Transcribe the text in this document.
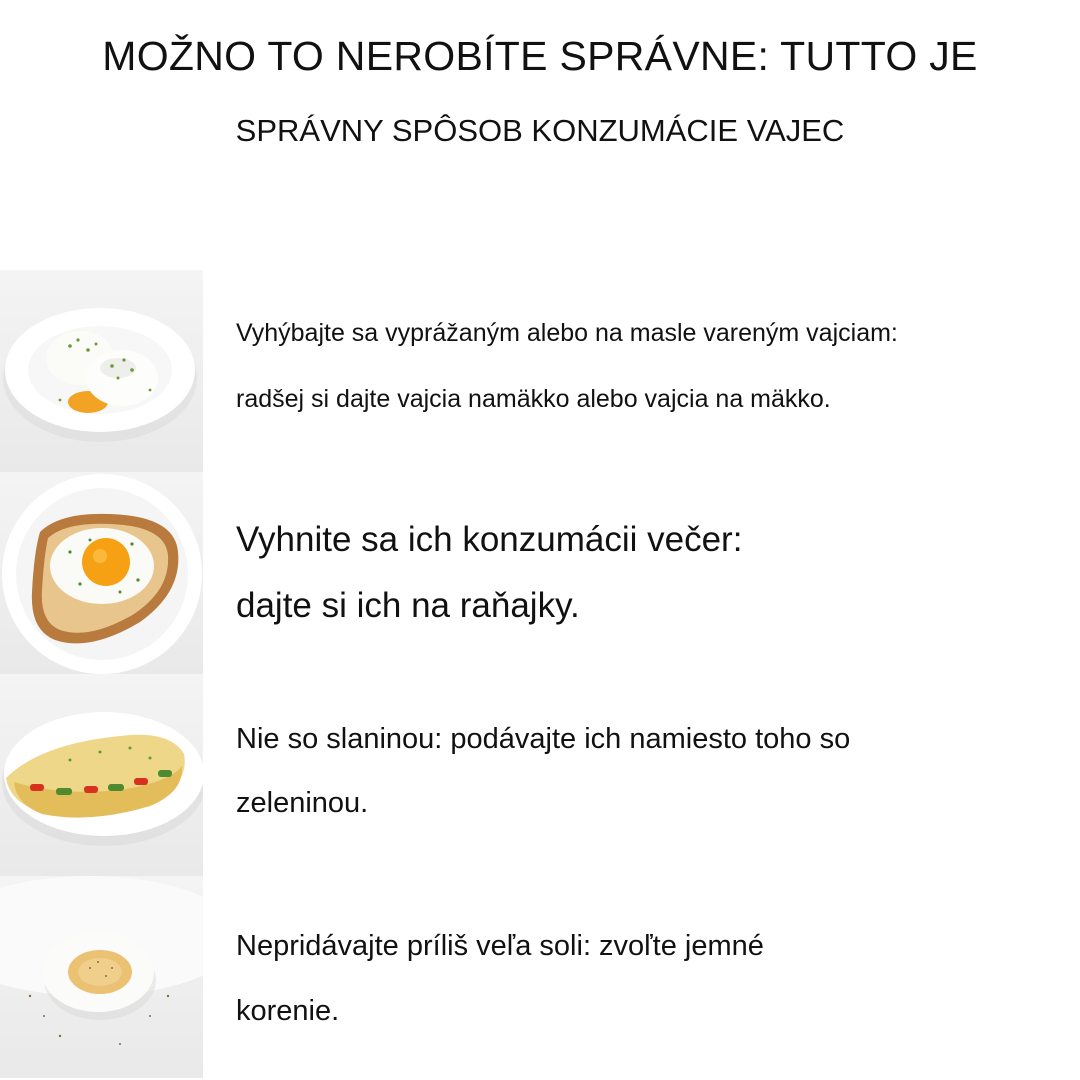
MOŽNO TO NEROBÍTE SPRÁVNE: TUTTO JE
SPRÁVNY SPÔSOB KONZUMÁCIE VAJEC

Vyhýbajte sa vyprážaným alebo na masle vareným vajciam:

radšej si dajte vajcia namäkko alebo vajcia na mäkko.

Vyhnite sa ich konzumácii večer:

dajte si ich na raňajky.

Nie so slaninou: podávajte ich namiesto toho so

zeleninou.

Nepridávajte príliš veľa soli: zvoľte jemné

korenie.
